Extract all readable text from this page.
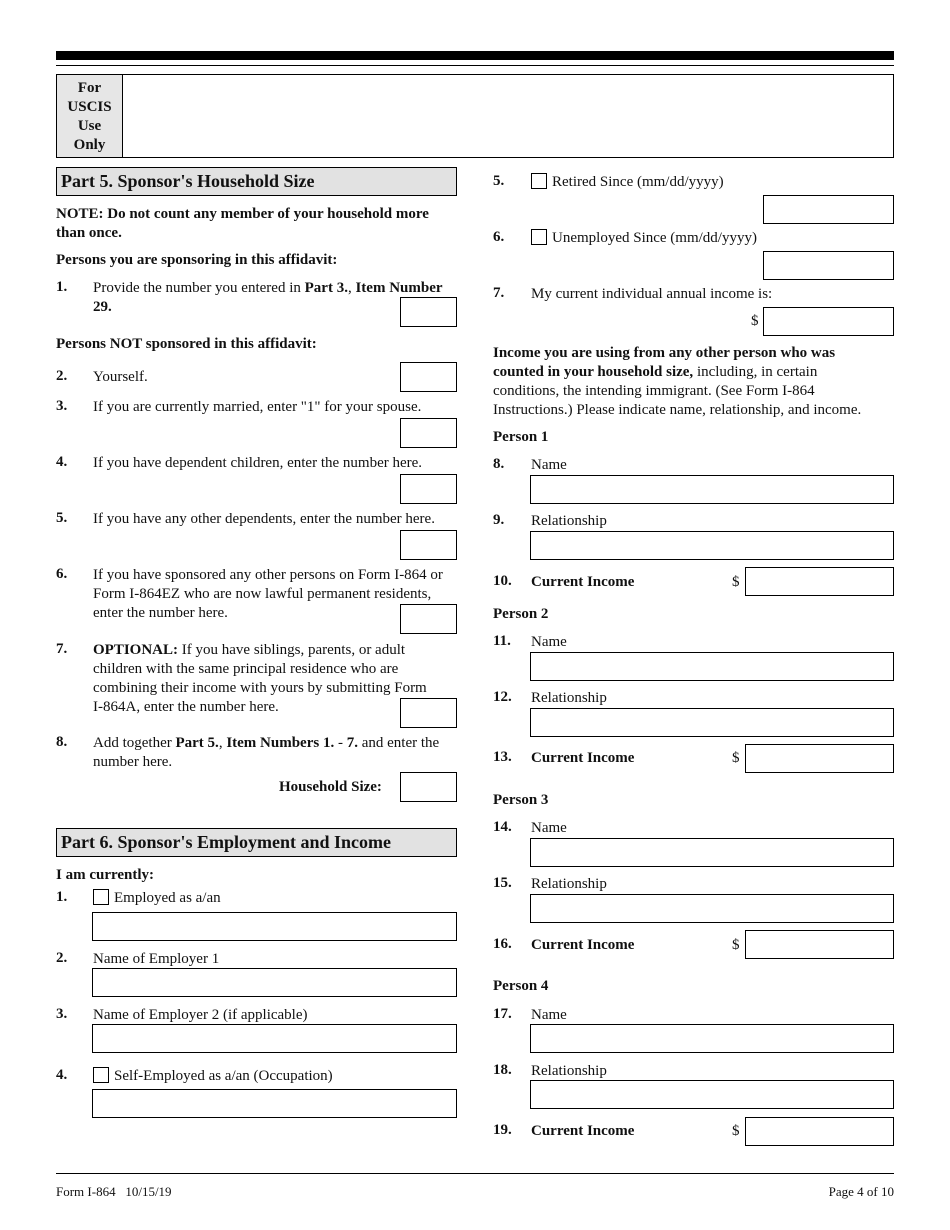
For
USCIS
Use
Only
Part 5. Sponsor's Household Size
NOTE: Do not count any member of your household more
than once.
Persons you are sponsoring in this affidavit:
1. Provide the number you entered in Part 3., Item Number
29.
Persons NOT sponsored in this affidavit:
2. Yourself.
3. If you are currently married, enter "1" for your spouse.
4. If you have dependent children, enter the number here.
5. If you have any other dependents, enter the number here.
6. If you have sponsored any other persons on Form I-864 or
Form I-864EZ who are now lawful permanent residents,
enter the number here.
7. OPTIONAL: If you have siblings, parents, or adult
children with the same principal residence who are
combining their income with yours by submitting Form
I-864A, enter the number here.
8. Add together Part 5., Item Numbers 1. - 7. and enter the
number here.
Household Size:
Part 6. Sponsor's Employment and Income
I am currently:
1.	Employed as a/an
2. Name of Employer 1
3. Name of Employer 2 (if applicable)
4.	Self-Employed as a/an (Occupation)
5.	Retired Since (mm/dd/yyyy)
6.	Unemployed Since (mm/dd/yyyy)
7. My current individual annual income is:
$
Income you are using from any other person who was
counted in your household size, including, in certain
conditions, the intending immigrant. (See Form I-864
Instructions.) Please indicate name, relationship, and income.
Person 1
8. Name
9. Relationship
10. Current Income	$
Person 2
11. Name
12. Relationship
13. Current Income	$
Person 3
14. Name
15. Relationship
16. Current Income	$
Person 4
17. Name
18. Relationship
19. Current Income	$
Form I-864   10/15/19	Page 4 of 10
